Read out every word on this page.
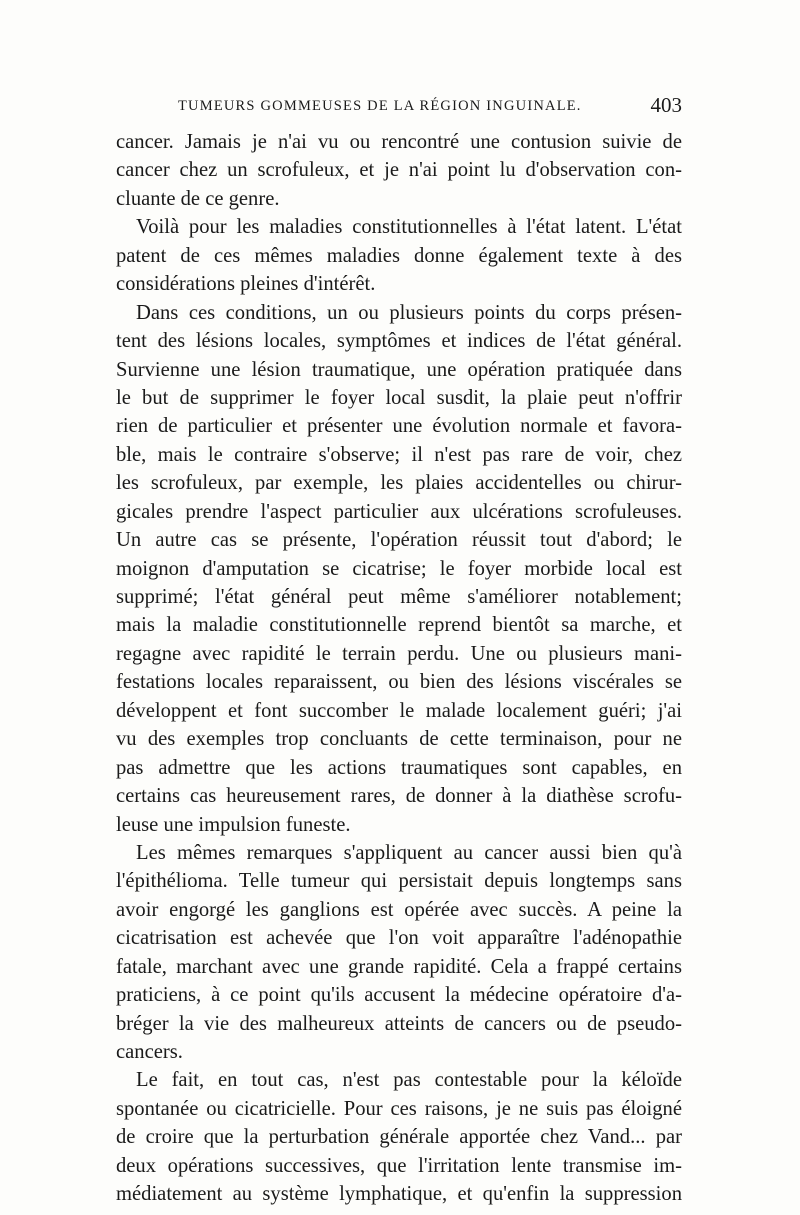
TUMEURS GOMMEUSES DE LA RÉGION INGUINALE.	403
cancer. Jamais je n'ai vu ou rencontré une contusion suivie de
cancer chez un scrofuleux, et je n'ai point lu d'observation con-
cluante de ce genre.
Voilà pour les maladies constitutionnelles à l'état latent. L'état
patent de ces mêmes maladies donne également texte à des
considérations pleines d'intérêt.
Dans ces conditions, un ou plusieurs points du corps présen-
tent des lésions locales, symptômes et indices de l'état général.
Survienne une lésion traumatique, une opération pratiquée dans
le but de supprimer le foyer local susdit, la plaie peut n'offrir
rien de particulier et présenter une évolution normale et favora-
ble, mais le contraire s'observe; il n'est pas rare de voir, chez
les scrofuleux, par exemple, les plaies accidentelles ou chirur-
gicales prendre l'aspect particulier aux ulcérations scrofuleuses.
Un autre cas se présente, l'opération réussit tout d'abord; le
moignon d'amputation se cicatrise; le foyer morbide local est
supprimé; l'état général peut même s'améliorer notablement;
mais la maladie constitutionnelle reprend bientôt sa marche, et
regagne avec rapidité le terrain perdu. Une ou plusieurs mani-
festations locales reparaissent, ou bien des lésions viscérales se
développent et font succomber le malade localement guéri; j'ai
vu des exemples trop concluants de cette terminaison, pour ne
pas admettre que les actions traumatiques sont capables, en
certains cas heureusement rares, de donner à la diathèse scrofu-
leuse une impulsion funeste.
Les mêmes remarques s'appliquent au cancer aussi bien qu'à
l'épithélioma. Telle tumeur qui persistait depuis longtemps sans
avoir engorgé les ganglions est opérée avec succès. A peine la
cicatrisation est achevée que l'on voit apparaître l'adénopathie
fatale, marchant avec une grande rapidité. Cela a frappé certains
praticiens, à ce point qu'ils accusent la médecine opératoire d'a-
bréger la vie des malheureux atteints de cancers ou de pseudo-
cancers.
Le fait, en tout cas, n'est pas contestable pour la kéloïde
spontanée ou cicatricielle. Pour ces raisons, je ne suis pas éloigné
de croire que la perturbation générale apportée chez Vand... par
deux opérations successives, que l'irritation lente transmise im-
médiatement au système lymphatique, et qu'enfin la suppression
